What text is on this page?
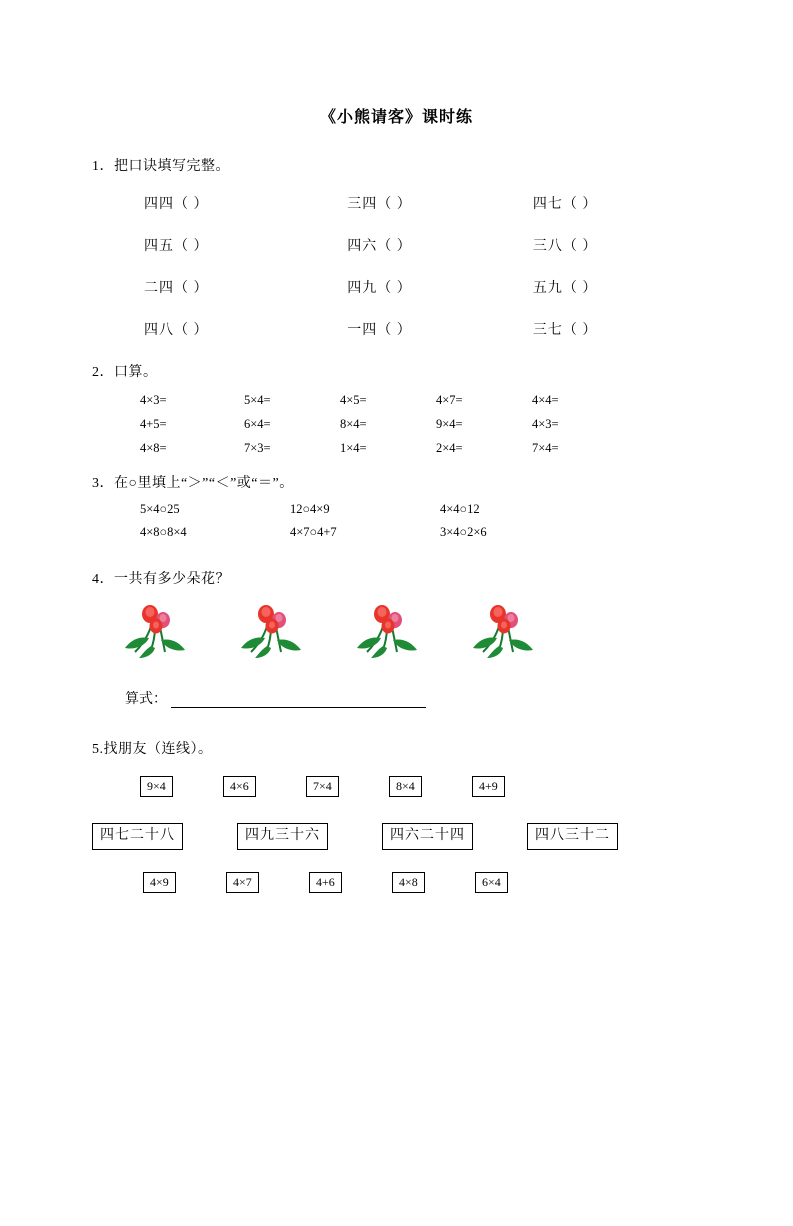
《小熊请客》课时练
1．把口诀填写完整。
四四（ ）	三四（ ）	四七（ ）
四五（ ）	四六（ ）	三八（ ）
二四（ ）	四九（ ）	五九（ ）
四八（ ）	一四（ ）	三七（ ）
2．口算。
4×3=	5×4=	4×5=	4×7=	4×4=
4+5=	6×4=	8×4=	9×4=	4×3=
4×8=	7×3=	1×4=	2×4=	7×4=
3．在○里填上“＞”“＜”或“＝”。
5×4○25	12○4×9	4×4○12
4×8○8×4	4×7○4+7	3×4○2×6
4．一共有多少朵花？
算式：
5.找朋友（连线）。
9×4	4×6	7×4	8×4	4+9
四七二十八	四九三十六	四六二十四	四八三十二
4×9	4×7	4+6	4×8	6×4
